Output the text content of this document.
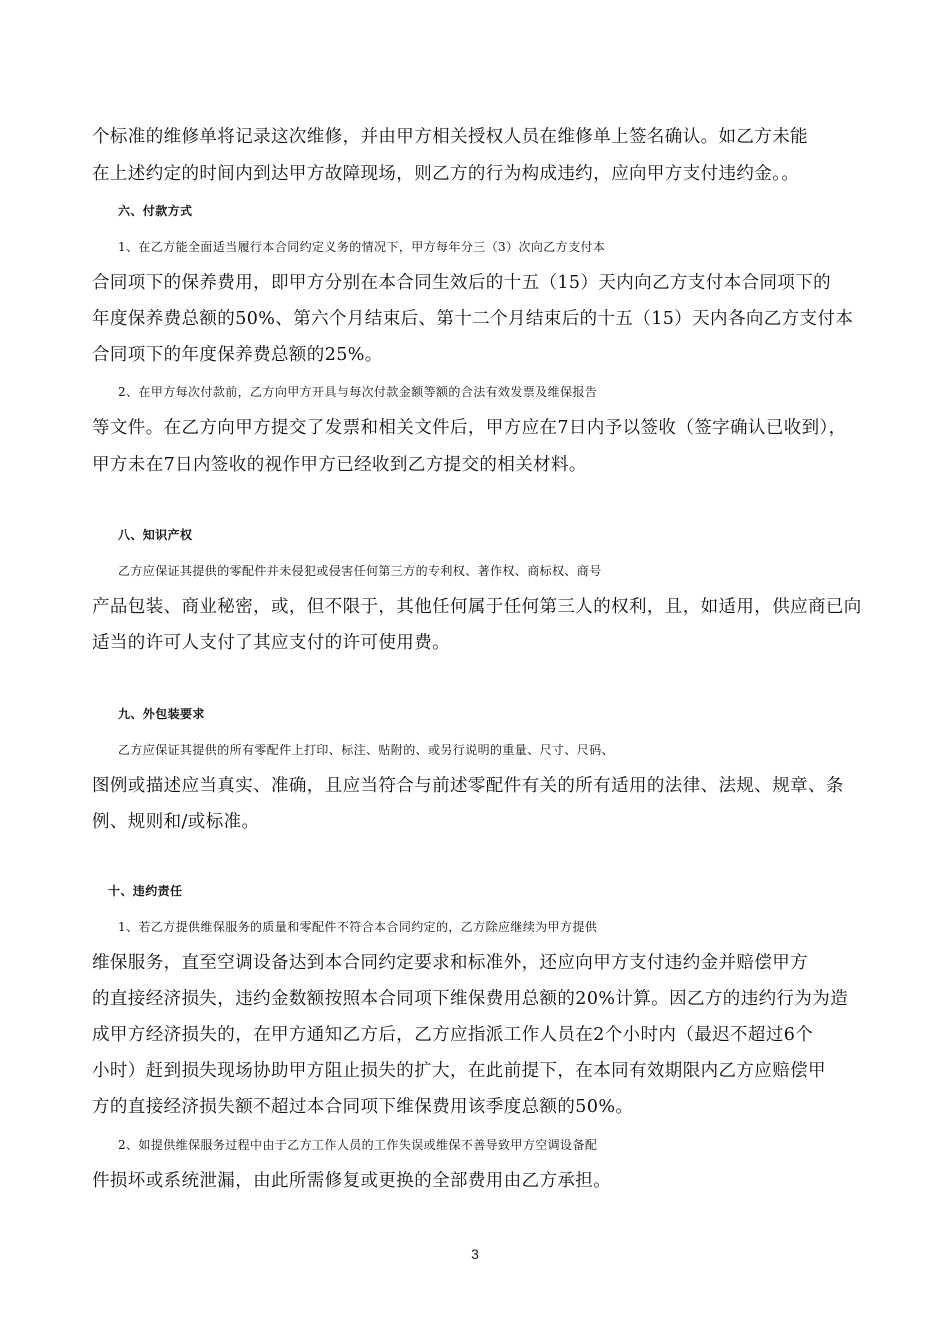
个标准的维修单将记录这次维修，并由甲方相关授权人员在维修单上签名确认。如乙方未能
在上述约定的时间内到达甲方故障现场，则乙方的行为构成违约，应向甲方支付违约金。。
六、付款方式
1、在乙方能全面适当履行本合同约定义务的情况下，甲方每年分三（3）次向乙方支付本
合同项下的保养费用，即甲方分别在本合同生效后的十五（15）天内向乙方支付本合同项下的
年度保养费总额的50%、第六个月结束后、第十二个月结束后的十五（15）天内各向乙方支付本
合同项下的年度保养费总额的25%。
2、在甲方每次付款前，乙方向甲方开具与每次付款金额等额的合法有效发票及维保报告
等文件。在乙方向甲方提交了发票和相关文件后，甲方应在7日内予以签收（签字确认已收到），
甲方未在7日内签收的视作甲方已经收到乙方提交的相关材料。
八、知识产权
乙方应保证其提供的零配件并未侵犯或侵害任何第三方的专利权、著作权、商标权、商号
产品包装、商业秘密，或，但不限于，其他任何属于任何第三人的权利，且，如适用，供应商已向
适当的许可人支付了其应支付的许可使用费。
九、外包装要求
乙方应保证其提供的所有零配件上打印、标注、贴附的、或另行说明的重量、尺寸、尺码、
图例或描述应当真实、准确，且应当符合与前述零配件有关的所有适用的法律、法规、规章、条
例、规则和/或标准。
十、违约责任
1、若乙方提供维保服务的质量和零配件不符合本合同约定的，乙方除应继续为甲方提供
维保服务，直至空调设备达到本合同约定要求和标准外，还应向甲方支付违约金并赔偿甲方
的直接经济损失，违约金数额按照本合同项下维保费用总额的20%计算。因乙方的违约行为为造
成甲方经济损失的，在甲方通知乙方后，乙方应指派工作人员在2个小时内（最迟不超过6个
小时）赶到损失现场协助甲方阻止损失的扩大，在此前提下，在本同有效期限内乙方应赔偿甲
方的直接经济损失额不超过本合同项下维保费用该季度总额的50%。
2、如提供维保服务过程中由于乙方工作人员的工作失误或维保不善导致甲方空调设备配
件损坏或系统泄漏，由此所需修复或更换的全部费用由乙方承担。
3
